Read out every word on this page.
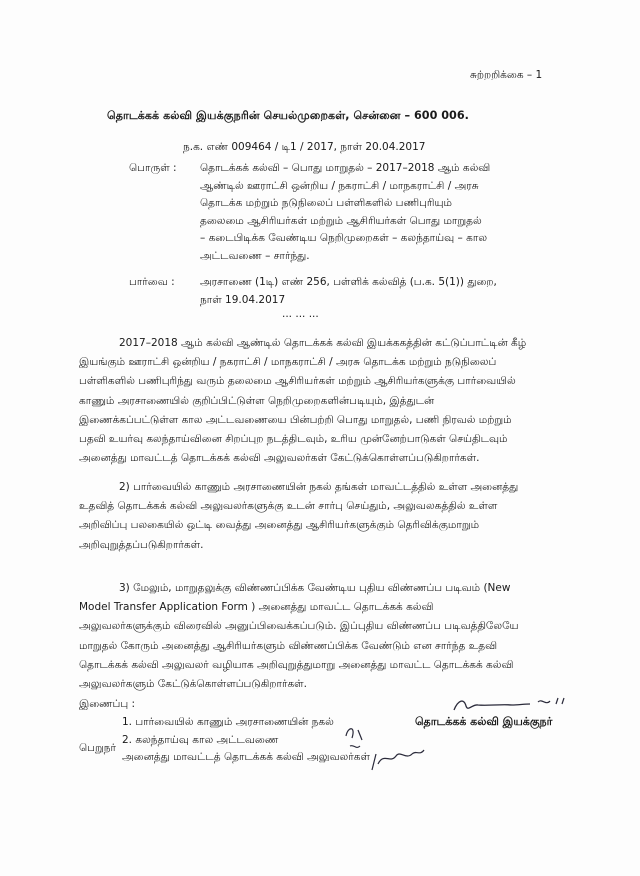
சுற்றறிக்கை – 1
தொடக்கக் கல்வி இயக்குநரின் செயல்முறைகள், சென்னை – 600 006.
ந.க. எண் 009464 / டி1 / 2017, நாள் 20.04.2017
பொருள் : தொடக்கக் கல்வி – பொது மாறுதல் – 2017–2018 ஆம் கல்வி
ஆண்டில் ஊராட்சி ஒன்றிய / நகராட்சி / மாநகராட்சி / அரசு
தொடக்க மற்றும் நடுநிலைப் பள்ளிகளில் பணிபுரியும்
தலைமை ஆசிரியர்கள் மற்றும் ஆசிரியர்கள் பொது மாறுதல்
– கடைபிடிக்க வேண்டிய நெறிமுறைகள் – கலந்தாய்வு – கால
அட்டவணை – சார்ந்து.
பார்வை : அரசாணை (1டி) எண் 256, பள்ளிக் கல்வித் (ப.க. 5(1)) துறை,
நாள் 19.04.2017
... ... ...
2017–2018 ஆம் கல்வி ஆண்டில் தொடக்கக் கல்வி இயக்ககத்தின் கட்டுப்பாட்டின் கீழ்
இயங்கும் ஊராட்சி ஒன்றிய / நகராட்சி / மாநகராட்சி / அரசு தொடக்க மற்றும் நடுநிலைப்
பள்ளிகளில் பணிபுரிந்து வரும் தலைமை ஆசிரியர்கள் மற்றும் ஆசிரியர்களுக்கு பார்வையில்
காணும் அரசாணையில் குறிப்பிட்டுள்ள நெறிமுறைகளின்படியும், இத்துடன்
இணைக்கப்பட்டுள்ள கால அட்டவணையை பின்பற்றி பொது மாறுதல், பணி நிரவல் மற்றும்
பதவி உயர்வு கலந்தாய்வினை சிறப்புற நடத்திடவும், உரிய முன்னேற்பாடுகள் செய்திடவும்
அனைத்து மாவட்டத் தொடக்கக் கல்வி அலுவலர்கள் கேட்டுக்கொள்ளப்படுகிறார்கள்.
2) பார்வையில் காணும் அரசாணையின் நகல் தங்கள் மாவட்டத்தில் உள்ள அனைத்து
உதவித் தொடக்கக் கல்வி அலுவலர்களுக்கு உடன் சார்பு செய்தும், அலுவலகத்தில் உள்ள
அறிவிப்பு பலகையில் ஒட்டி வைத்து அனைத்து ஆசிரியர்களுக்கும் தெரிவிக்குமாறும்
அறிவுறுத்தப்படுகிறார்கள்.
3) மேலும், மாறுதலுக்கு விண்ணப்பிக்க வேண்டிய புதிய விண்ணப்ப படிவம் (New
Model Transfer Application Form ) அனைத்து மாவட்ட தொடக்கக் கல்வி
அலுவலர்களுக்கும் விரைவில் அனுப்பிவைக்கப்படும். இப்புதிய விண்ணப்ப படிவத்திலேயே
மாறுதல் கோரும் அனைத்து ஆசிரியர்களும் விண்ணப்பிக்க வேண்டும் என சார்ந்த உதவி
தொடக்கக் கல்வி அலுவலர் வழியாக அறிவுறுத்துமாறு அனைத்து மாவட்ட தொடக்கக் கல்வி
அலுவலர்களும் கேட்டுக்கொள்ளப்படுகிறார்கள்.
இணைப்பு :
1. பார்வையில் காணும் அரசாணையின் நகல்
2. கலந்தாய்வு கால அட்டவணை
தொடக்கக் கல்வி இயக்குநர்
பெறுநர்
அனைத்து மாவட்டத் தொடக்கக் கல்வி அலுவலர்கள்
